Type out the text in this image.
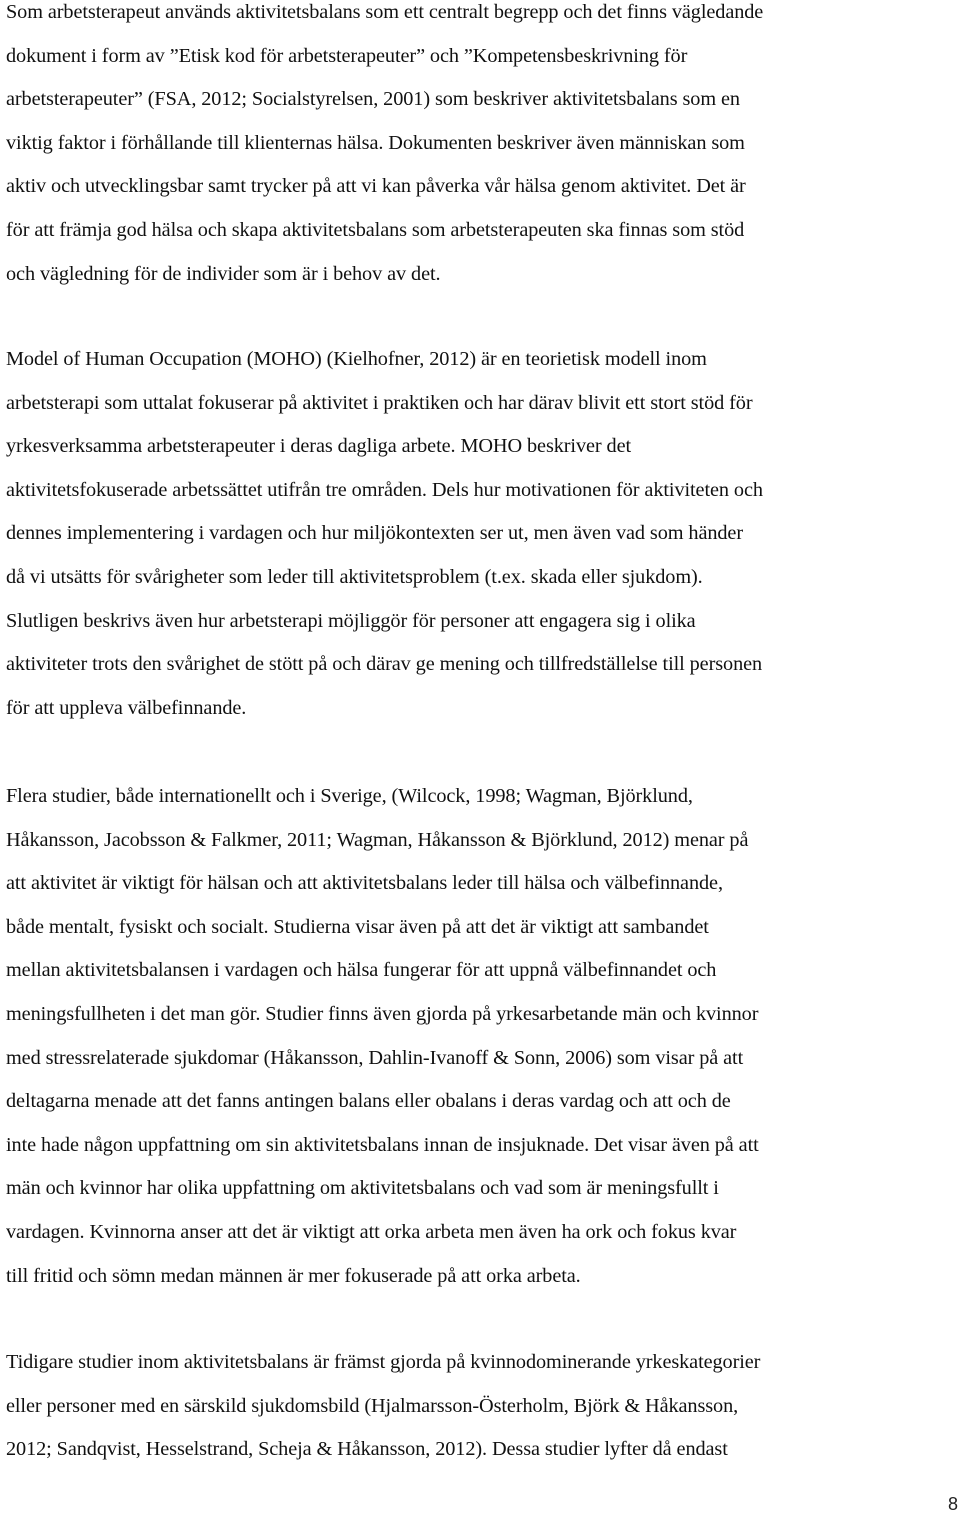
Som arbetsterapeut används aktivitetsbalans som ett centralt begrepp och det finns vägledande
dokument i form av ”Etisk kod för arbetsterapeuter” och ”Kompetensbeskrivning för
arbetsterapeuter” (FSA, 2012; Socialstyrelsen, 2001) som beskriver aktivitetsbalans som en
viktig faktor i förhållande till klienternas hälsa. Dokumenten beskriver även människan som
aktiv och utvecklingsbar samt trycker på att vi kan påverka vår hälsa genom aktivitet. Det är
för att främja god hälsa och skapa aktivitetsbalans som arbetsterapeuten ska finnas som stöd
och vägledning för de individer som är i behov av det.

Model of Human Occupation (MOHO) (Kielhofner, 2012) är en teorietisk modell inom
arbetsterapi som uttalat fokuserar på aktivitet i praktiken och har därav blivit ett stort stöd för
yrkesverksamma arbetsterapeuter i deras dagliga arbete. MOHO beskriver det
aktivitetsfokuserade arbetssättet utifrån tre områden. Dels hur motivationen för aktiviteten och
dennes implementering i vardagen och hur miljökontexten ser ut, men även vad som händer
då vi utsätts för svårigheter som leder till aktivitetsproblem (t.ex. skada eller sjukdom).
Slutligen beskrivs även hur arbetsterapi möjliggör för personer att engagera sig i olika
aktiviteter trots den svårighet de stött på och därav ge mening och tillfredställelse till personen
för att uppleva välbefinnande.

Flera studier, både internationellt och i Sverige, (Wilcock, 1998; Wagman, Björklund,
Håkansson, Jacobsson & Falkmer, 2011; Wagman, Håkansson & Björklund, 2012) menar på
att aktivitet är viktigt för hälsan och att aktivitetsbalans leder till hälsa och välbefinnande,
både mentalt, fysiskt och socialt. Studierna visar även på att det är viktigt att sambandet
mellan aktivitetsbalansen i vardagen och hälsa fungerar för att uppnå välbefinnandet och
meningsfullheten i det man gör. Studier finns även gjorda på yrkesarbetande män och kvinnor
med stressrelaterade sjukdomar (Håkansson, Dahlin-Ivanoff & Sonn, 2006) som visar på att
deltagarna menade att det fanns antingen balans eller obalans i deras vardag och att och de
inte hade någon uppfattning om sin aktivitetsbalans innan de insjuknade. Det visar även på att
män och kvinnor har olika uppfattning om aktivitetsbalans och vad som är meningsfullt i
vardagen. Kvinnorna anser att det är viktigt att orka arbeta men även ha ork och fokus kvar
till fritid och sömn medan männen är mer fokuserade på att orka arbeta.

Tidigare studier inom aktivitetsbalans är främst gjorda på kvinnodominerande yrkeskategorier
eller personer med en särskild sjukdomsbild (Hjalmarsson-Österholm, Björk & Håkansson,
2012; Sandqvist, Hesselstrand, Scheja & Håkansson, 2012). Dessa studier lyfter då endast

8
